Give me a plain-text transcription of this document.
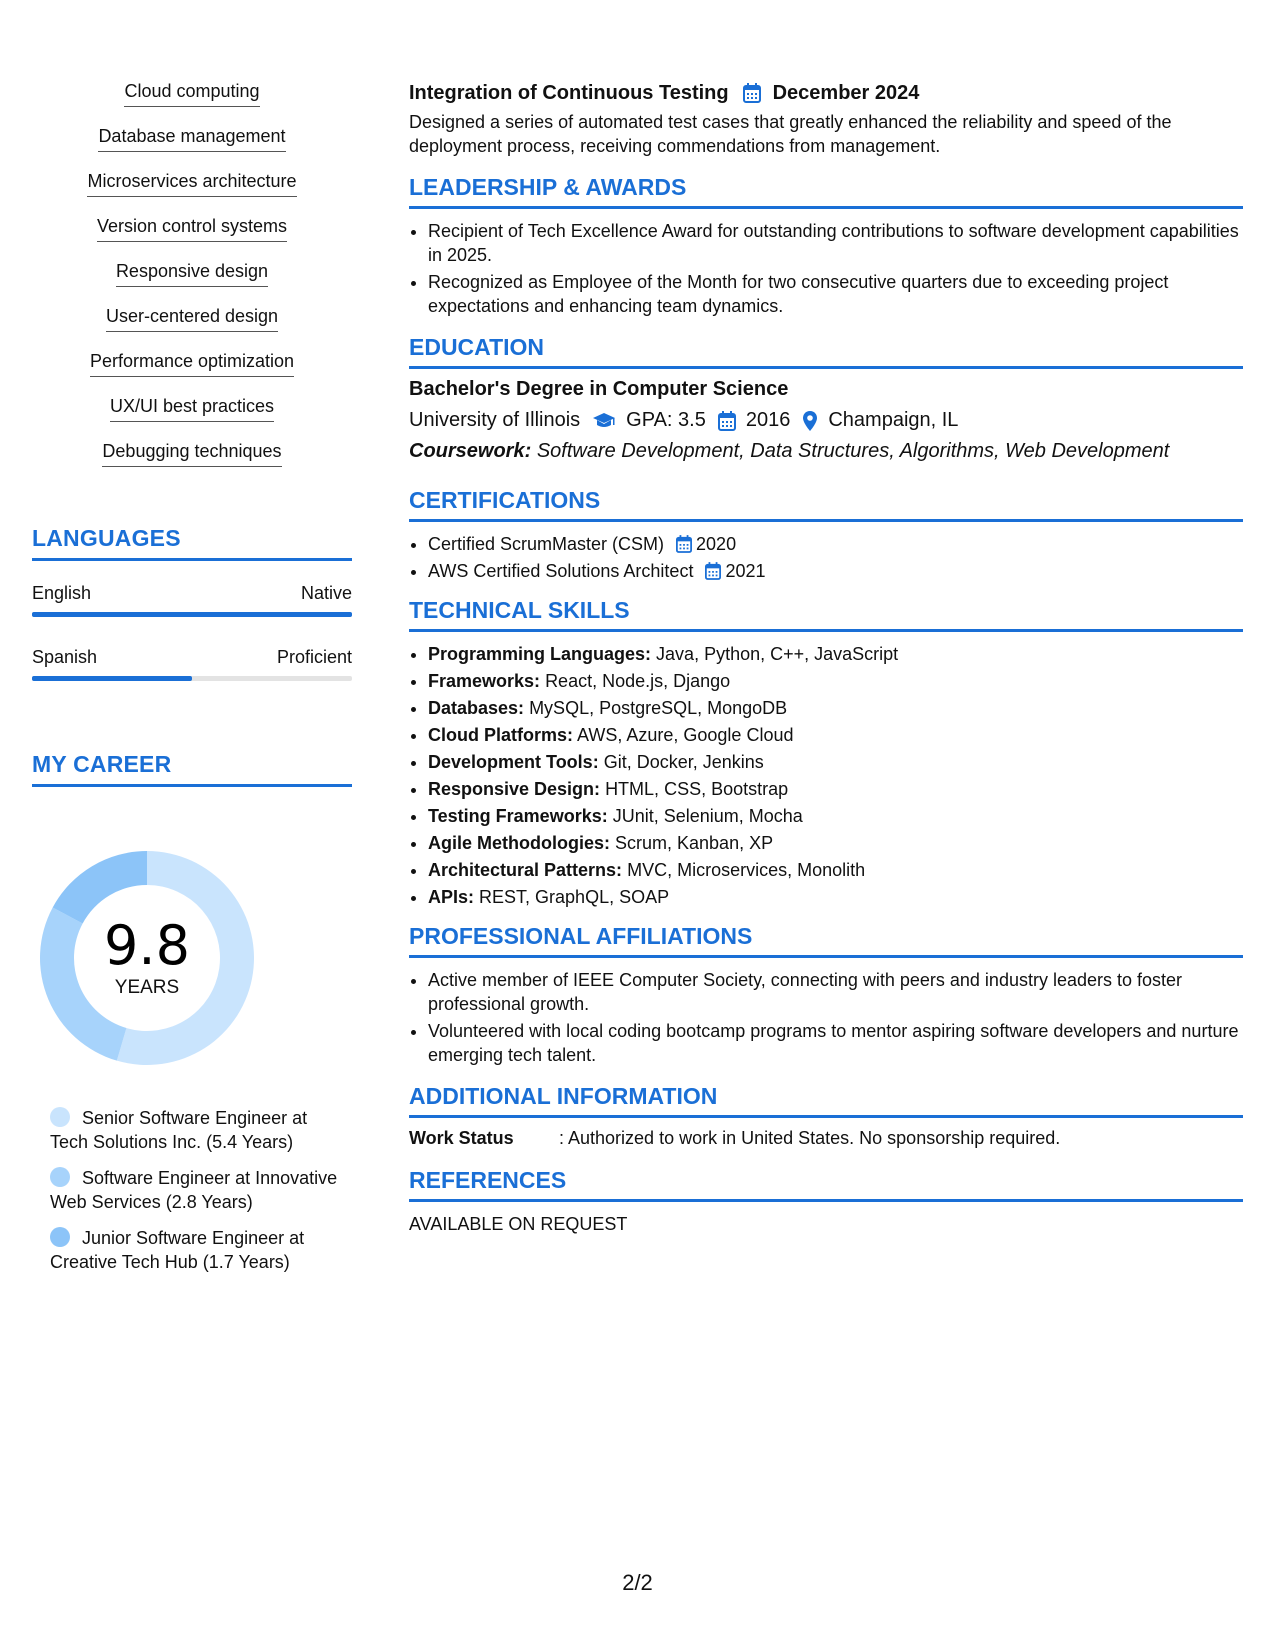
Cloud computing
Database management
Microservices architecture
Version control systems
Responsive design
User-centered design
Performance optimization
UX/UI best practices
Debugging techniques
LANGUAGES
English	Native
Spanish	Proficient
MY CAREER
9.8
YEARS
Senior Software Engineer at Tech Solutions Inc. (5.4 Years)
Software Engineer at Innovative Web Services (2.8 Years)
Junior Software Engineer at Creative Tech Hub (1.7 Years)
Integration of Continuous Testing December 2024

Designed a series of automated test cases that greatly enhanced the reliability and speed of the deployment process, receiving commendations from management.

LEADERSHIP & AWARDS
• Recipient of Tech Excellence Award for outstanding contributions to software development capabilities in 2025.
• Recognized as Employee of the Month for two consecutive quarters due to exceeding project expectations and enhancing team dynamics.
EDUCATION
Bachelor's Degree in Computer Science
University of Illinois GPA: 3.5 2016 Champaign, IL
Coursework: Software Development, Data Structures, Algorithms, Web Development
CERTIFICATIONS
• Certified ScrumMaster (CSM) 2020
• AWS Certified Solutions Architect 2021
TECHNICAL SKILLS
• Programming Languages: Java, Python, C++, JavaScript
• Frameworks: React, Node.js, Django
• Databases: MySQL, PostgreSQL, MongoDB
• Cloud Platforms: AWS, Azure, Google Cloud
• Development Tools: Git, Docker, Jenkins
• Responsive Design: HTML, CSS, Bootstrap
• Testing Frameworks: JUnit, Selenium, Mocha
• Agile Methodologies: Scrum, Kanban, XP
• Architectural Patterns: MVC, Microservices, Monolith
• APIs: REST, GraphQL, SOAP
PROFESSIONAL AFFILIATIONS
• Active member of IEEE Computer Society, connecting with peers and industry leaders to foster professional growth.
• Volunteered with local coding bootcamp programs to mentor aspiring software developers and nurture emerging tech talent.
ADDITIONAL INFORMATION
Work Status	: Authorized to work in United States. No sponsorship required.
REFERENCES
AVAILABLE ON REQUEST
2/2
